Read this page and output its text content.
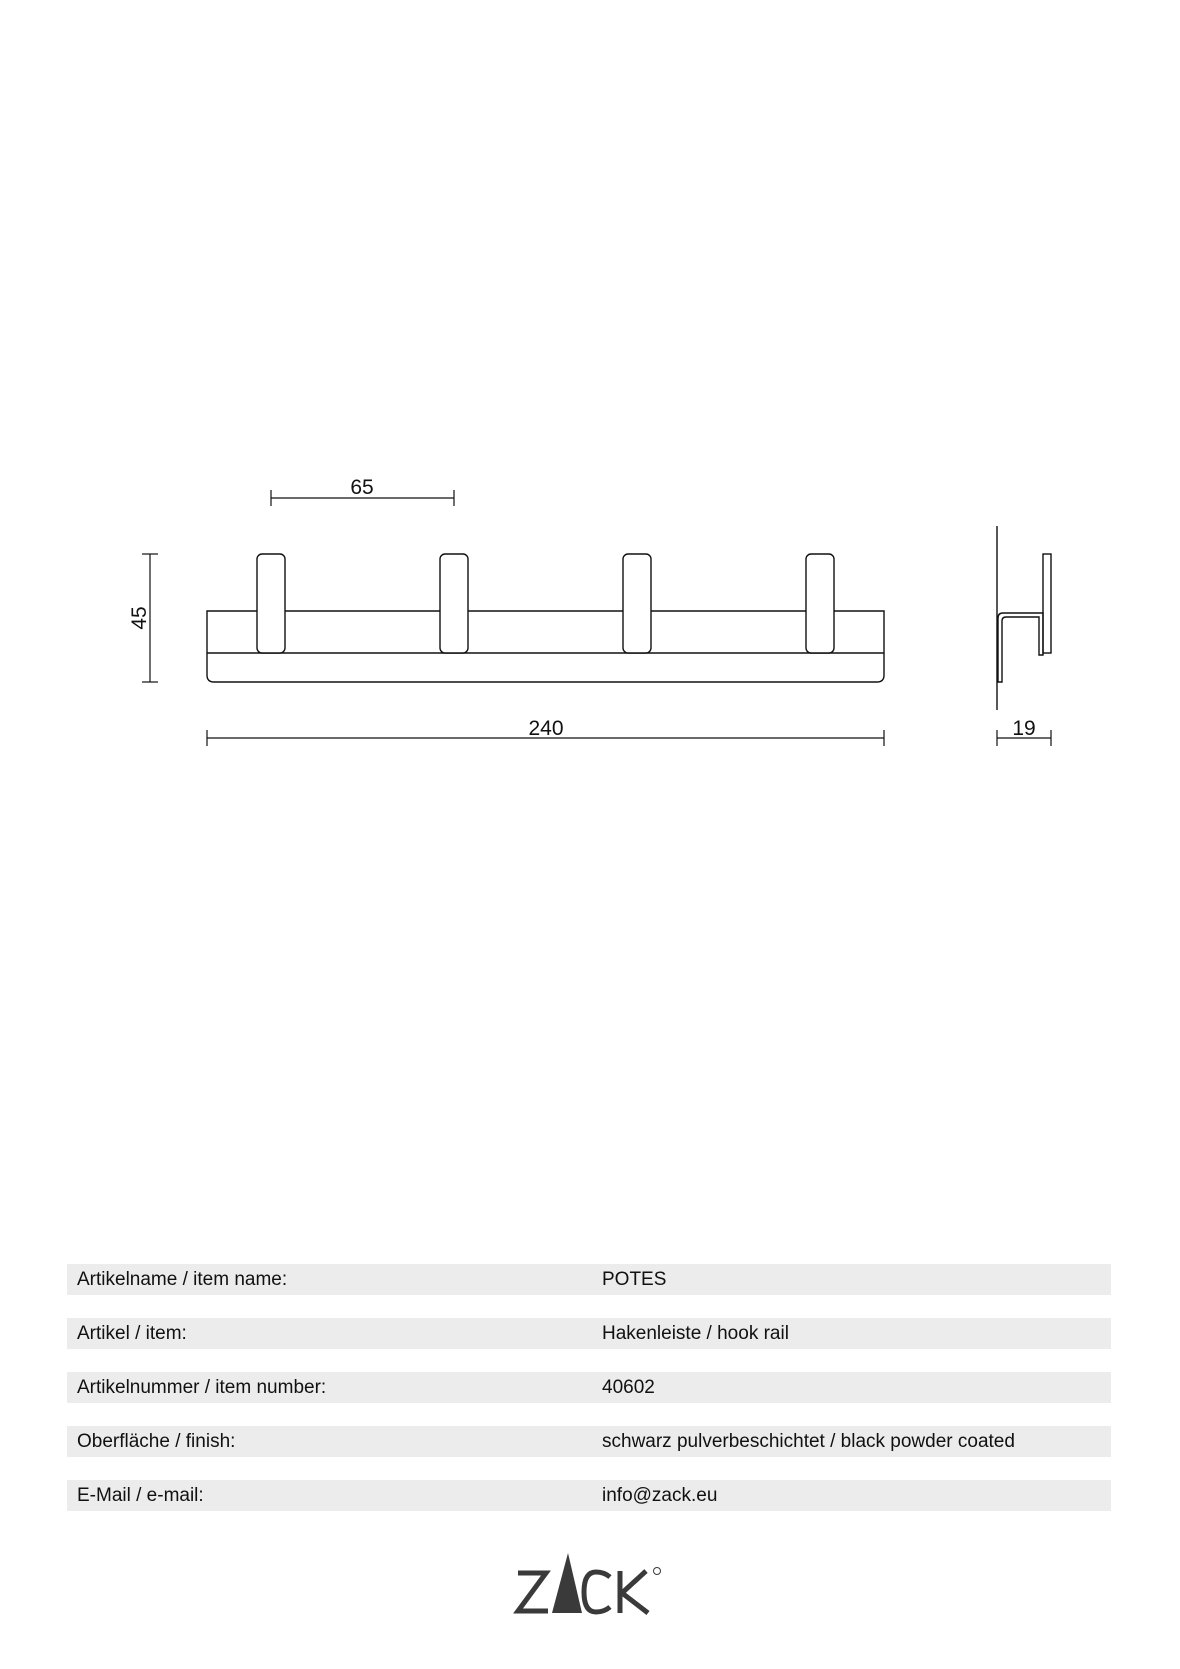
65
45
240	19
Artikelname / item name:	POTES
Artikel / item:	Hakenleiste / hook rail
Artikelnummer / item number:	40602
Oberfläche / finish:	schwarz pulverbeschichtet / black powder coated
E-Mail / e-mail:	info@zack.eu
